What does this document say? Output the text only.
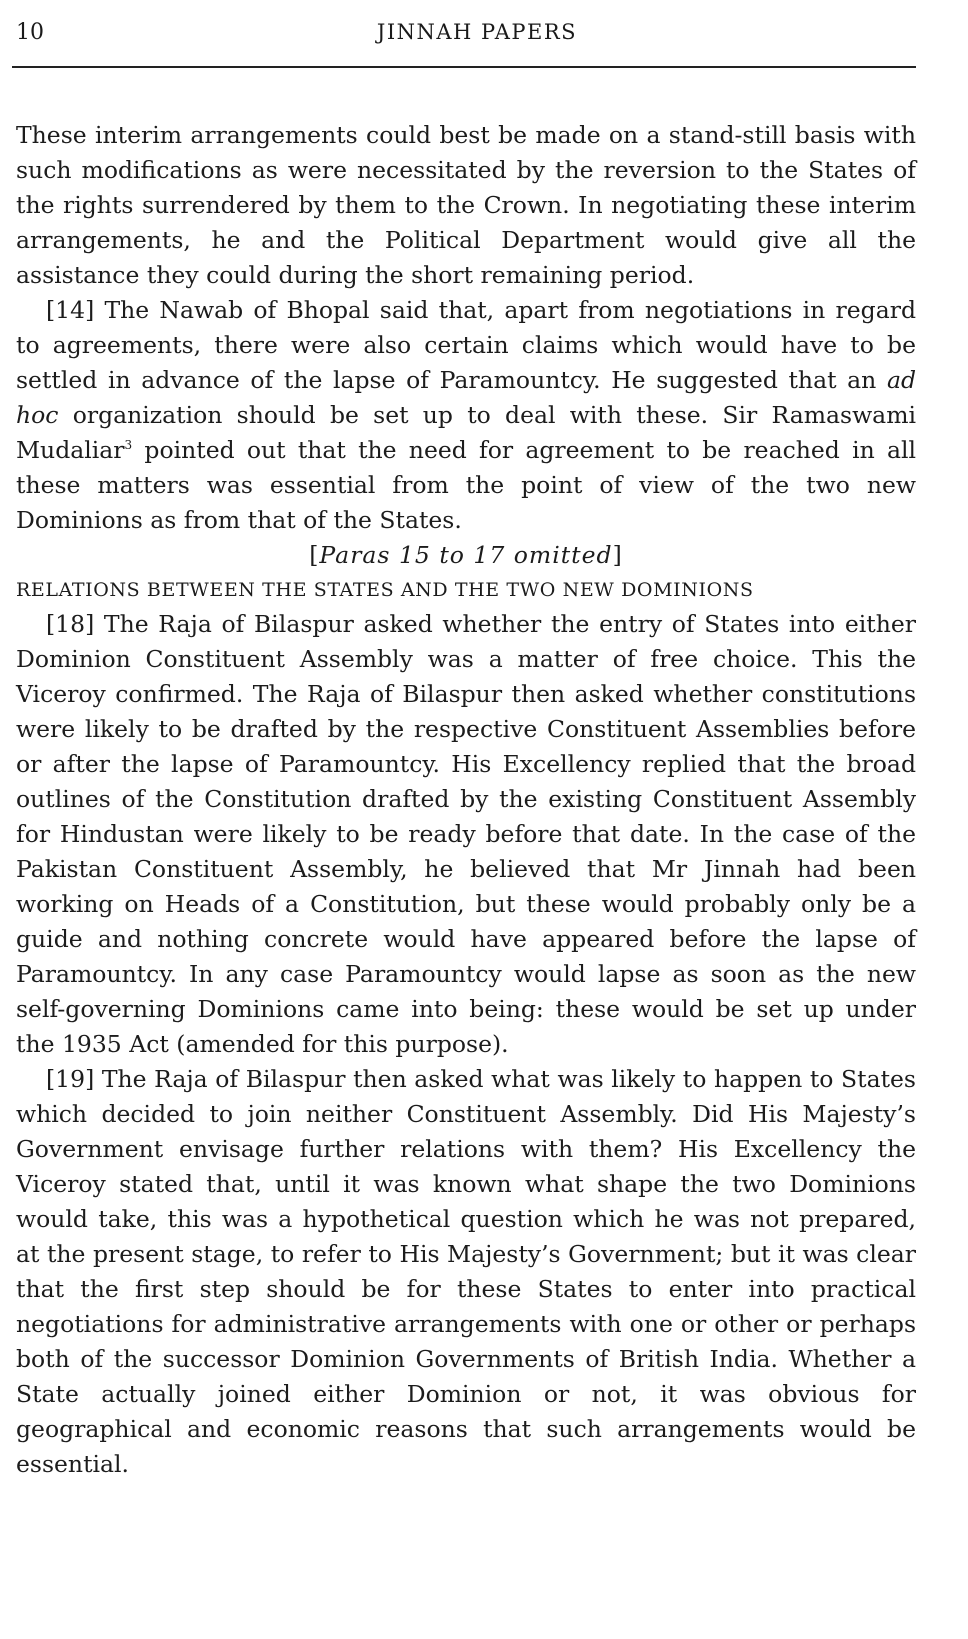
10	JINNAH PAPERS

These interim arrangements could best be made on a stand-still basis with such modifications as were necessitated by the reversion to the States of the rights surrendered by them to the Crown. In negotiating these interim arrangements, he and the Political Department would give all the assistance they could during the short remaining period.

[14] The Nawab of Bhopal said that, apart from negotiations in regard to agreements, there were also certain claims which would have to be settled in advance of the lapse of Paramountcy. He suggested that an ad hoc organization should be set up to deal with these. Sir Ramaswami Mudaliar$^3$ pointed out that the need for agreement to be reached in all these matters was essential from the point of view of the two new Dominions as from that of the States.

[Paras 15 to 17 omitted]

RELATIONS BETWEEN THE STATES AND THE TWO NEW DOMINIONS

[18] The Raja of Bilaspur asked whether the entry of States into either Dominion Constituent Assembly was a matter of free choice. This the Viceroy confirmed. The Raja of Bilaspur then asked whether constitutions were likely to be drafted by the respective Constituent Assemblies before or after the lapse of Paramountcy. His Excellency replied that the broad outlines of the Constitution drafted by the existing Constituent Assembly for Hindustan were likely to be ready before that date. In the case of the Pakistan Constituent Assembly, he believed that Mr Jinnah had been working on Heads of a Constitution, but these would probably only be a guide and nothing concrete would have appeared before the lapse of Paramountcy. In any case Paramountcy would lapse as soon as the new self-governing Dominions came into being: these would be set up under the 1935 Act (amended for this purpose).

[19] The Raja of Bilaspur then asked what was likely to happen to States which decided to join neither Constituent Assembly. Did His Majesty’s Government envisage further relations with them? His Excellency the Viceroy stated that, until it was known what shape the two Dominions would take, this was a hypothetical question which he was not prepared, at the present stage, to refer to His Majesty’s Government; but it was clear that the first step should be for these States to enter into practical negotiations for administrative arrangements with one or other or perhaps both of the successor Dominion Governments of British India. Whether a State actually joined either Dominion or not, it was obvious for geographical and economic reasons that such arrangements would be essential.
